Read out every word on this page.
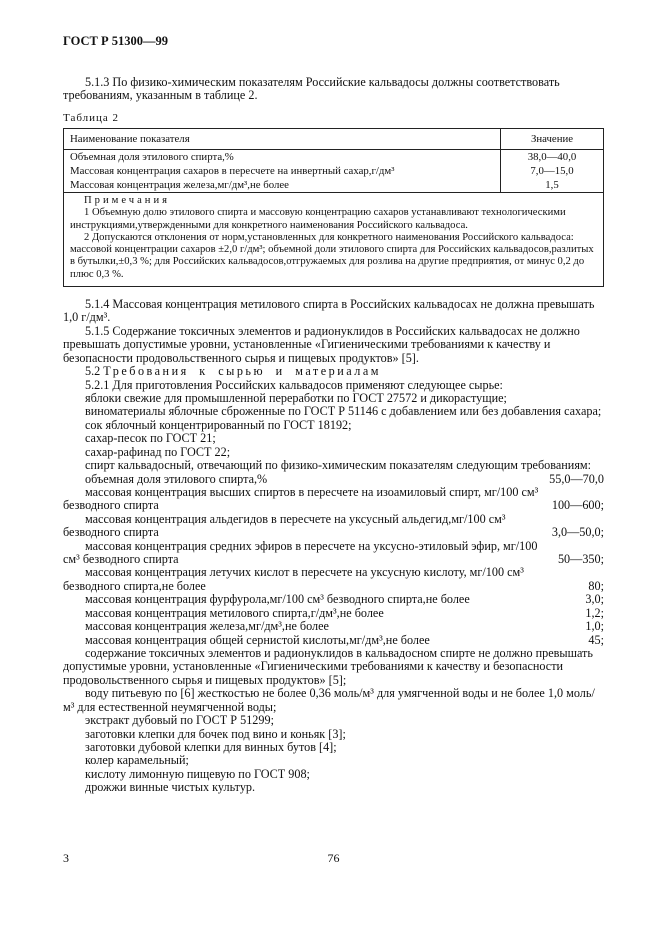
ГОСТ Р 51300—99

5.1.3 По физико-химическим показателям Российские кальвадосы должны соответствовать требованиям, указанным в таблице 2.

Таблица 2
Наименование показателя	Значение
Объемная доля этилового спирта,%	38,0—40,0
Массовая концентрация сахаров в пересчете на инвертный сахар,г/дм³	7,0—15,0
Массовая концентрация железа,мг/дм³,не более	1,5

Примечания
1 Объемную долю этилового спирта и массовую концентрацию сахаров устанавливают технологическими инструкциями,утвержденными для конкретного наименования Российского кальвадоса.
2 Допускаются отклонения от норм,установленных для конкретного наименования Российского кальвадоса: массовой концентрации сахаров ±2,0 г/дм³; объемной доли этилового спирта для Российских кальвадосов,разлитых в бутылки,±0,3 %; для Российских кальвадосов,отгружаемых для розлива на другие предприятия, от минус 0,2 до плюс 0,3 %.	

5.1.4 Массовая концентрация метилового спирта в Российских кальвадосах не должна превышать 1,0 г/дм³.

5.1.5 Содержание токсичных элементов и радионуклидов в Российских кальвадосах не должно превышать допустимые уровни, установленные «Гигиеническими требованиями к качеству и безопасности продовольственного сырья и пищевых продуктов» [5].

5.2 Требования к сырью и материалам

5.2.1 Для приготовления Российских кальвадосов применяют следующее сырье:

яблоки свежие для промышленной переработки по ГОСТ 27572 и дикорастущие;

виноматериалы яблочные сброженные по ГОСТ Р 51146 с добавлением или без добавления сахара;

сок яблочный концентрированный по ГОСТ 18192;

сахар-песок по ГОСТ 21;

сахар-рафинад по ГОСТ 22;

спирт кальвадосный, отвечающий по физико-химическим показателям следующим требованиям:

объемная доля этилового спирта,%	55,0—70,0
массовая концентрация высших спиртов в пересчете на изоамиловый спирт, мг/100 см³ безводного спирта	100—600;
массовая концентрация альдегидов в пересчете на уксусный альдегид,мг/100 см³ безводного спирта	3,0—50,0;
массовая концентрация средних эфиров в пересчете на уксусно-этиловый эфир, мг/100 см³ безводного спирта	50—350;
массовая концентрация летучих кислот в пересчете на уксусную кислоту, мг/100 см³ безводного спирта,не более	80;
массовая концентрация фурфурола,мг/100 см³ безводного спирта,не более	3,0;
массовая концентрация метилового спирта,г/дм³,не более	1,2;
массовая концентрация железа,мг/дм³,не более	1,0;
массовая концентрация общей сернистой кислоты,мг/дм³,не более	45;

содержание токсичных элементов и радионуклидов в кальвадосном спирте не должно превышать допустимые уровни, установленные «Гигиеническими требованиями к качеству и безопасности продовольственного сырья и пищевых продуктов» [5];

воду питьевую по [6] жесткостью не более 0,36 моль/м³ для умягченной воды и не более 1,0 моль/м³ для естественной неумягченной воды;

экстракт дубовый по ГОСТ Р 51299;

заготовки клепки для бочек под вино и коньяк [3];

заготовки дубовой клепки для винных бутов [4];

колер карамельный;

кислоту лимонную пищевую по ГОСТ 908;

дрожжи винные чистых культур.

3	76
